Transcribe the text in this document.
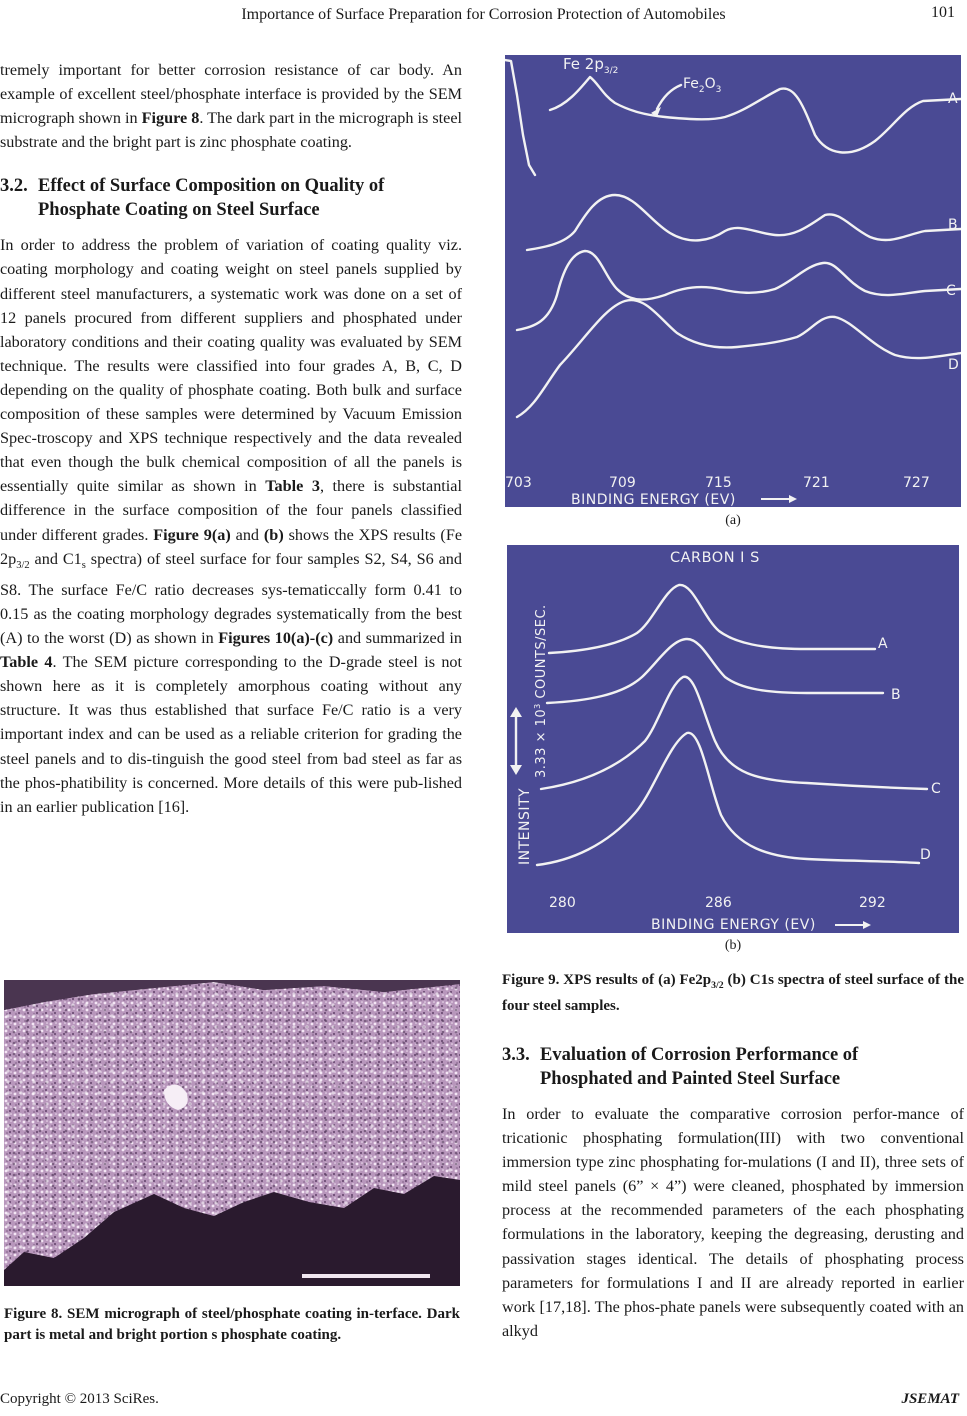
Importance of Surface Preparation for Corrosion Protection of Automobiles	101

tremely important for better corrosion resistance of car body. An example of excellent steel/phosphate interface is provided by the SEM micrograph shown in Figure 8. The dark part in the micrograph is steel substrate and the bright part is zinc phosphate coating.

3.2. Effect of Surface Composition on Quality of
Phosphate Coating on Steel Surface

In order to address the problem of variation of coating quality viz. coating morphology and coating weight on steel panels supplied by different steel manufacturers, a systematic work was done on a set of 12 panels procured from different suppliers and phosphated under laboratory conditions and their coating quality was evaluated by SEM technique. The results were classified into four grades A, B, C, D depending on the quality of phosphate coating. Both bulk and surface composition of these samples were determined by Vacuum Emission Spec-troscopy and XPS technique respectively and the data revealed that even though the bulk chemical composition of all the panels is essentially quite similar as shown in Table 3, there is substantial difference in the surface composition of the four panels classified under different grades. Figure 9(a) and (b) shows the XPS results (Fe $2p_{3/2}$ and $C1_s$ spectra) of steel surface for four samples S2, S4, S6 and S8. The surface Fe/C ratio decreases sys-tematiccally form 0.41 to 0.15 as the coating morphology degrades systematically from the best (A) to the worst (D) as shown in Figures 10(a)-(c) and summarized in Table 4. The SEM picture corresponding to the D-grade steel is not shown here as it is completely amorphous coating without any structure. It was thus established that surface Fe/C ratio is a very important index and can be used as a reliable criterion for grading the steel panels and to dis-tinguish the good steel from bad steel as far as the phos-phatibility is concerned. More details of this were pub-lished in an earlier publication [16].

Figure 8. SEM micrograph of steel/phosphate coating in-terface. Dark part is metal and bright portion s phosphate coating.
Fe $2p_{3/2}$
$Fe_2O_3$
A
B
C
D
703	709	715	721	727
BINDING ENERGY (EV)
(a)
CARBON I S
INTENSITY
$3.33 \times 10^3$ COUNTS/SEC.	A
B
C
D
280	286	292
BINDING ENERGY (EV)
(b)
Figure 9. XPS results of (a) $Fe2p_{3/2}$ (b) C1s spectra of steel surface of the four steel samples.
3.3. Evaluation of Corrosion Performance of
Phosphated and Painted Steel Surface

In order to evaluate the comparative corrosion perfor-mance of tricationic phosphating formulation(III) with two conventional immersion type zinc phosphating for-mulations (I and II), three sets of mild steel panels (6” × 4”) were cleaned, phosphated by immersion process at the recommended parameters of the each phosphating formulations in the laboratory, keeping the degreasing, derusting and passivation stages identical. The details of phosphating process parameters for formulations I and II are already reported in earlier work [17,18]. The phos-phate panels were subsequently coated with an alkyd

Copyright © 2013 SciRes.	JSEMAT
